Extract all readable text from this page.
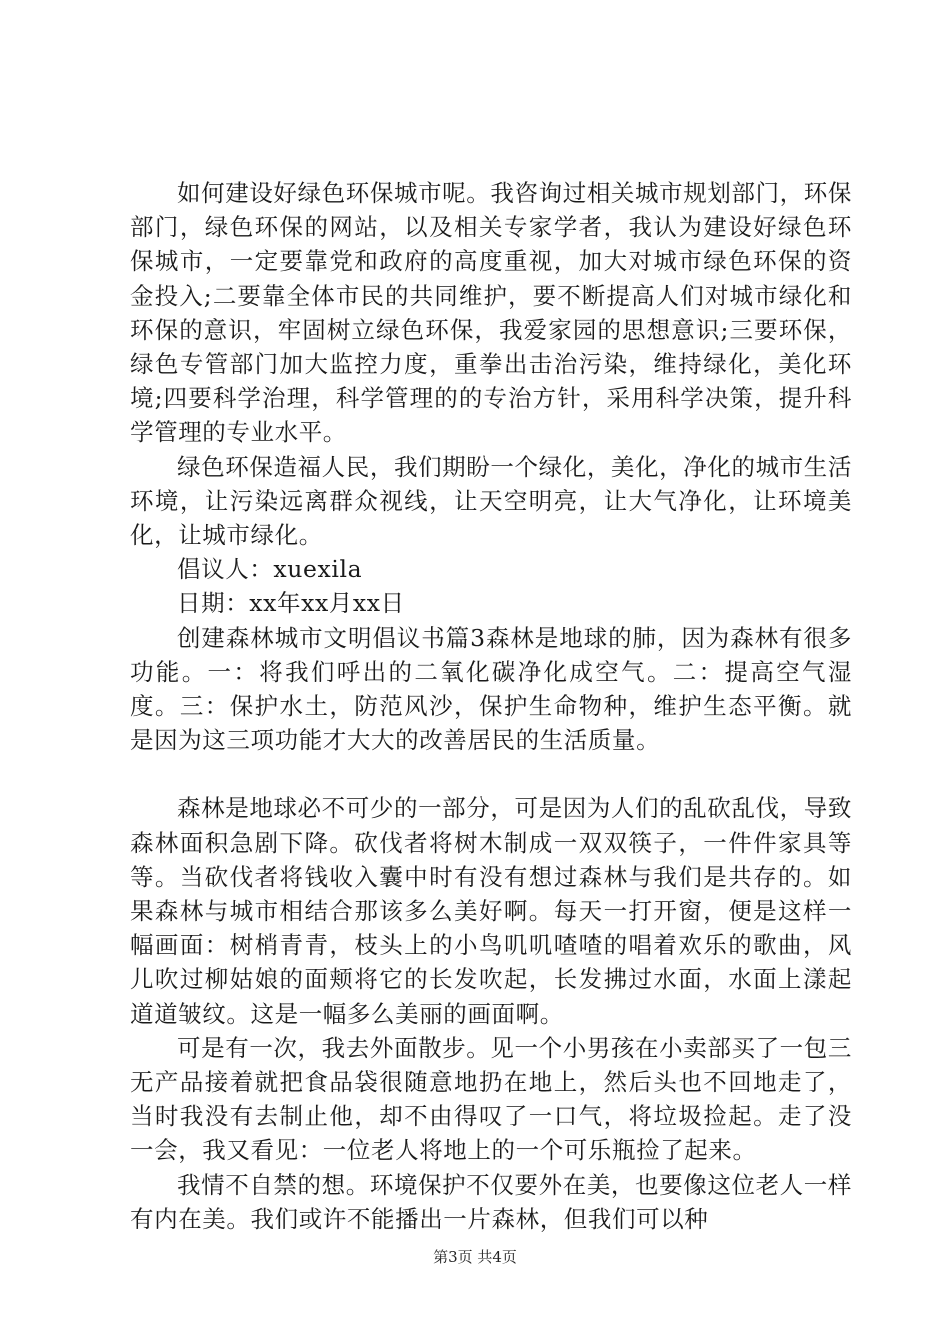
如何建设好绿色环保城市呢。我咨询过相关城市规划部门，环保部门，绿色环保的网站，以及相关专家学者，我认为建设好绿色环保城市，一定要靠党和政府的高度重视，加大对城市绿色环保的资金投入;二要靠全体市民的共同维护，要不断提高人们对城市绿化和环保的意识，牢固树立绿色环保，我爱家园的思想意识;三要环保，绿色专管部门加大监控力度，重拳出击治污染，维持绿化，美化环境;四要科学治理，科学管理的的专治方针，采用科学决策，提升科学管理的专业水平。

绿色环保造福人民，我们期盼一个绿化，美化，净化的城市生活环境，让污染远离群众视线，让天空明亮，让大气净化，让环境美化，让城市绿化。

倡议人：xuexila

日期：xx年xx月xx日

创建森林城市文明倡议书篇3森林是地球的肺，因为森林有很多功能。一：将我们呼出的二氧化碳净化成空气。二：提高空气湿度。三：保护水土，防范风沙，保护生命物种，维护生态平衡。就是因为这三项功能才大大的改善居民的生活质量。

森林是地球必不可少的一部分，可是因为人们的乱砍乱伐，导致森林面积急剧下降。砍伐者将树木制成一双双筷子，一件件家具等等。当砍伐者将钱收入囊中时有没有想过森林与我们是共存的。如果森林与城市相结合那该多么美好啊。每天一打开窗，便是这样一幅画面：树梢青青，枝头上的小鸟叽叽喳喳的唱着欢乐的歌曲，风儿吹过柳姑娘的面颊将它的长发吹起，长发拂过水面，水面上漾起道道皱纹。这是一幅多么美丽的画面啊。

可是有一次，我去外面散步。见一个小男孩在小卖部买了一包三无产品接着就把食品袋很随意地扔在地上，然后头也不回地走了，当时我没有去制止他，却不由得叹了一口气，将垃圾捡起。走了没一会，我又看见：一位老人将地上的一个可乐瓶捡了起来。

我情不自禁的想。环境保护不仅要外在美，也要像这位老人一样有内在美。我们或许不能播出一片森林，但我们可以种

第3页 共4页
